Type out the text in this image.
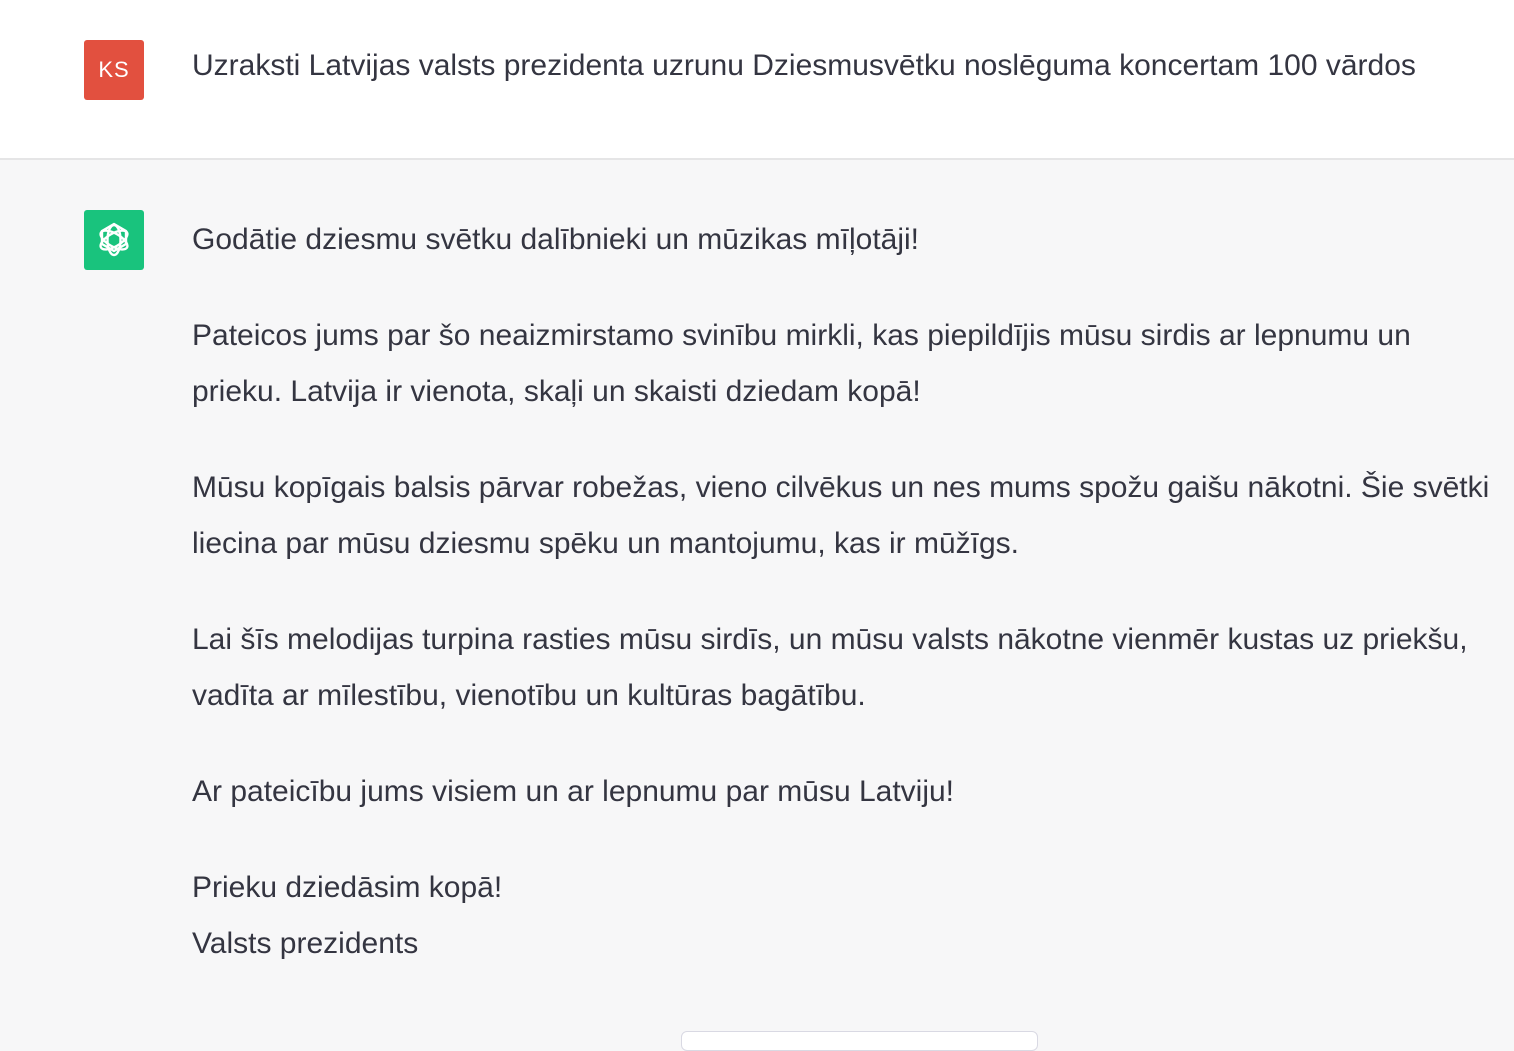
KS Uzraksti Latvijas valsts prezidenta uzrunu Dziesmusvētku noslēguma koncertam 100 vārdos

Godātie dziesmu svētku dalībnieki un mūzikas mīļotāji!

Pateicos jums par šo neaizmirstamo svinību mirkli, kas piepildījis mūsu sirdis ar lepnumu un prieku. Latvija ir vienota, skaļi un skaisti dziedam kopā!

Mūsu kopīgais balsis pārvar robežas, vieno cilvēkus un nes mums spožu gaišu nākotni. Šie svētki liecina par mūsu dziesmu spēku un mantojumu, kas ir mūžīgs.

Lai šīs melodijas turpina rasties mūsu sirdīs, un mūsu valsts nākotne vienmēr kustas uz priekšu, vadīta ar mīlestību, vienotību un kultūras bagātību.

Ar pateicību jums visiem un ar lepnumu par mūsu Latviju!

Prieku dziedāsim kopā!

Valsts prezidents
